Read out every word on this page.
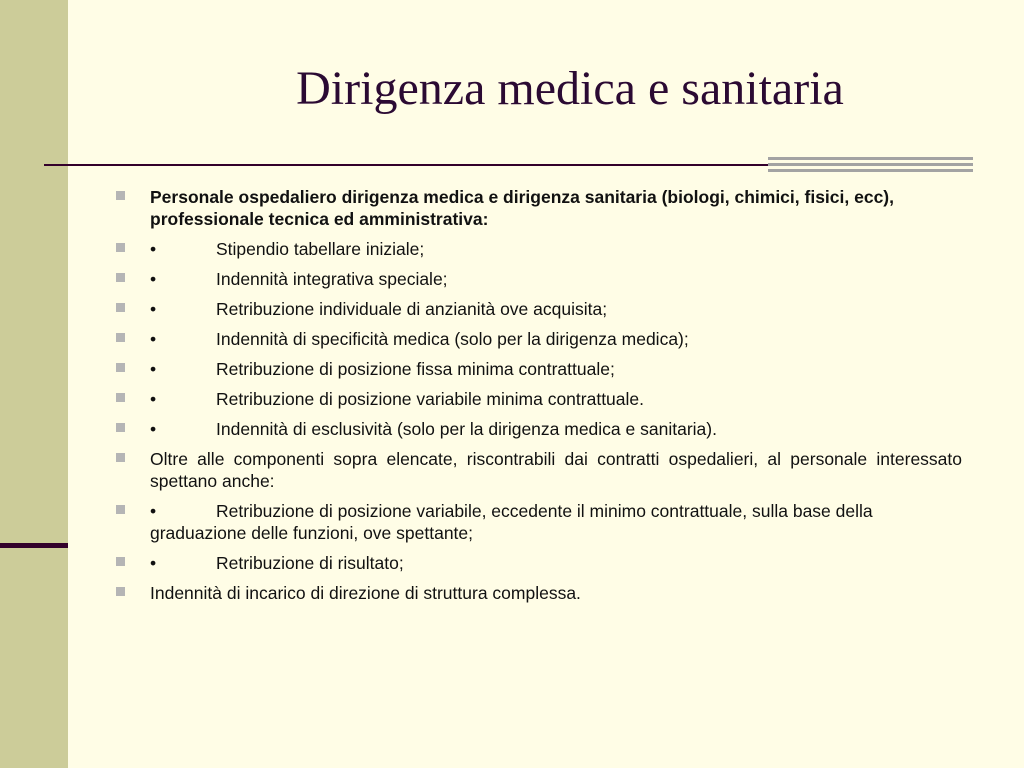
Dirigenza medica e sanitaria
Personale ospedaliero dirigenza medica e dirigenza sanitaria (biologi, chimici, fisici, ecc), professionale tecnica ed amministrativa:
•	Stipendio tabellare iniziale;
•	Indennità integrativa speciale;
•	Retribuzione individuale di anzianità ove acquisita;
•	Indennità di specificità medica (solo per la dirigenza medica);
•	Retribuzione di posizione fissa minima contrattuale;
•	Retribuzione di posizione variabile minima contrattuale.
•	Indennità di esclusività (solo per la dirigenza medica e sanitaria).
Oltre alle componenti sopra elencate, riscontrabili dai contratti ospedalieri, al personale interessato spettano anche:
•	Retribuzione di posizione variabile, eccedente il minimo contrattuale, sulla base della
graduazione delle funzioni, ove spettante;
•	Retribuzione di risultato;
Indennità di incarico di direzione di struttura complessa.
